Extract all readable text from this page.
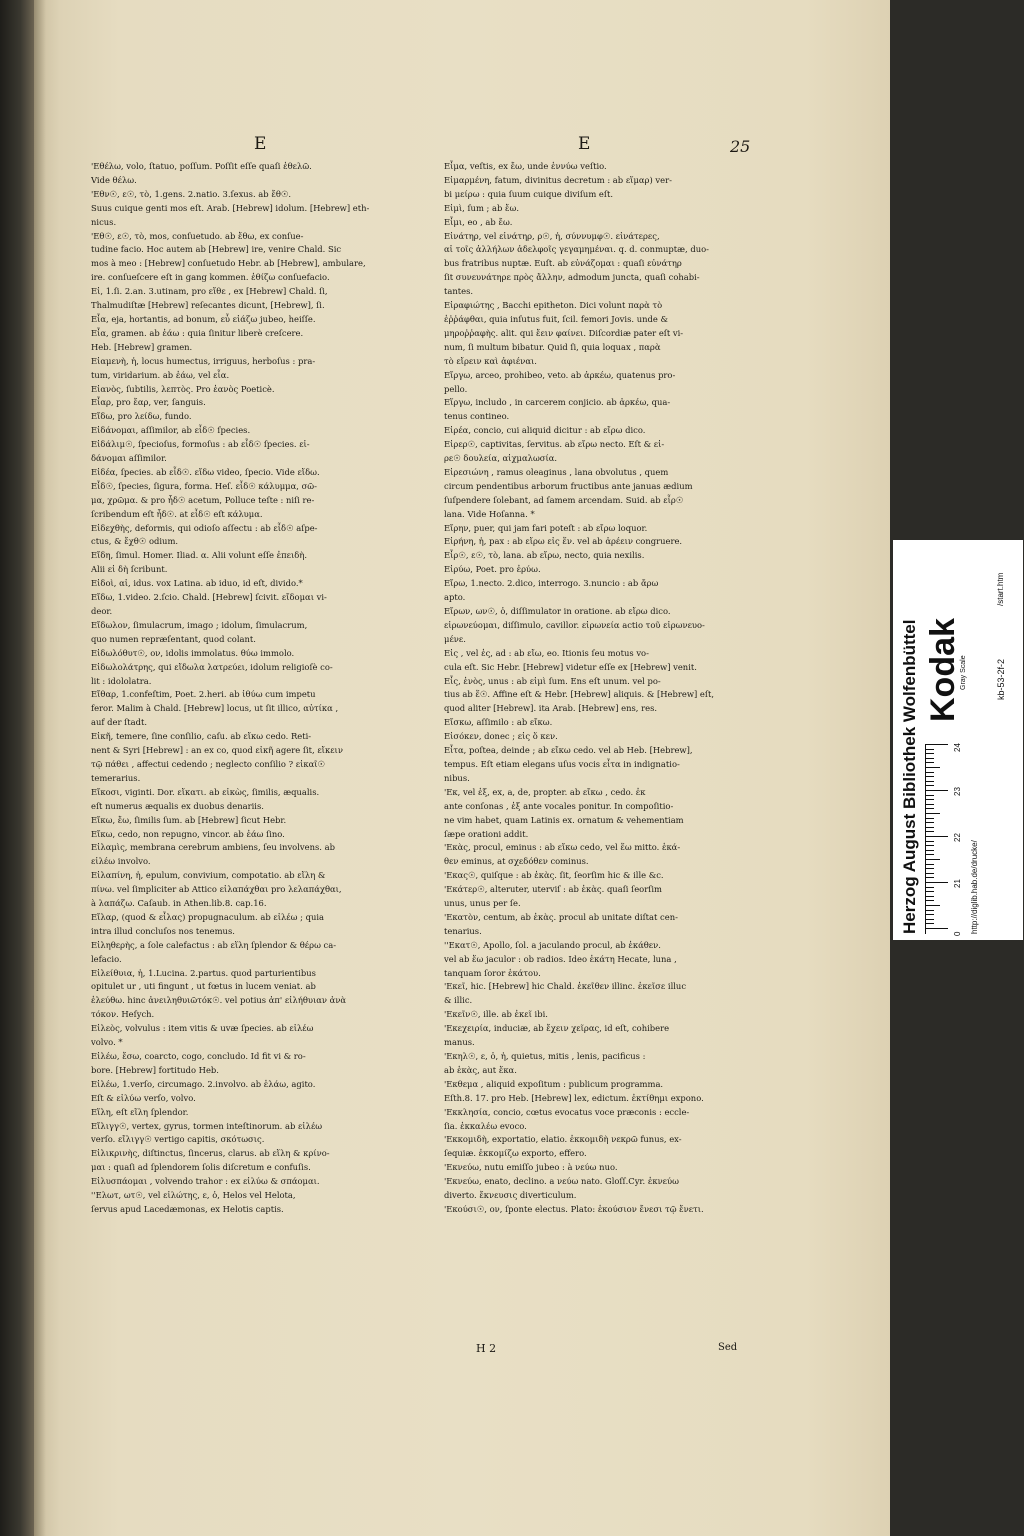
E	E	25

'Eθέλω, volo, ſtatuo, poſſum. Poſſit eſſe quaſi ἐθελῶ.

Vide θέλω.

'Eθν☉, ε☉, τὸ, 1.gens. 2.natio. 3.ſexus. ab ἔθ☉.

Suus cuique genti mos eſt. Arab. [Hebrew] idolum. [Hebrew] eth-

nicus.

'Eθ☉, ε☉, τὸ, mos, conſuetudo. ab ἔθω, ex conſue-

tudine facio. Hoc autem ab [Hebrew] ire, venire Chald. Sic

mos à meo : [Hebrew] conſuetudo Hebr. ab [Hebrew], ambulare,

ire. conſueſcere eſt in gang kommen. ἐθίζω conſuefacio.

Eἰ, 1.ſi. 2.an. 3.utinam, pro εἴθε , ex [Hebrew] Chald. ſi,

Thalmudiſtæ [Hebrew] reſecantes dicunt, [Hebrew], ſi.

Eἶα, eja, hortantis, ad bonum, εὖ εἰάζω jubeo, heiſſe.

Eἶα, gramen. ab ἐάω : quia ſinitur liberè creſcere.

Heb. [Hebrew] gramen.

Eἰαμενὴ, ἡ, locus humectus, irriguus, herboſus : pra-

tum, viridarium. ab ἐάω, vel εἶα.

Eἰανὸς, ſubtilis, λεπτὸς. Pro ἑανὸς Poeticè.

Eἶαρ, pro ἔαρ, ver, ſanguis.

Eἴδω, pro λείδω, fundo.

Eἰδάνομαι, aſſimilor, ab εἶδ☉ ſpecies.

Eἰδάλιμ☉, ſpecioſus, formoſus : ab εἶδ☉ ſpecies. εἰ-

δάνομαι aſſimilor.

Eἰδέα, ſpecies. ab εἶδ☉. εἴδω video, ſpecio. Vide εἴδω.

Eἶδ☉, ſpecies, ſigura, forma. Heſ. εἶδ☉ κάλυμμα, σῶ-

μα, χρῶμα. & pro ἦδ☉ acetum, Polluce teſte : niſi re-

ſcribendum eſt ἦδ☉. at εἶδ☉ eſt κάλυμα.

Eἰδεχθὴς, deformis, qui odioſo aſſectu : ab εἶδ☉ aſpe-

ctus, & ἔχθ☉ odium.

Eἴδη, ſimul. Homer. Iliad. α. Alii volunt eſſe ἐπειδὴ.

Alii εἰ δὴ ſcribunt.

Eἰδοὶ, αἱ, idus. vox Latina. ab iduo, id eſt, divido.*

Eἴδω, 1.video. 2.ſcio. Chald. [Hebrew] ſcivit. εἴδομαι vi-

deor.

Eἴδωλον, ſimulacrum, imago ; idolum, ſimulacrum,

quo numen repræſentant, quod colant.

Eἰδωλόθυτ☉, ον, idolis immolatus. θύω immolo.

Eἰδωλολάτρης, qui εἴδωλα λατρεύει, idolum religioſè co-

lit : idololatra.

Eἴθαρ, 1.confeſtim, Poet. 2.heri. ab ἰθύω cum impetu

feror. Malim à Chald. [Hebrew] locus, ut ſit illico, αὐτίκα ,

auf der ſtadt.

Eἰκῆ, temere, ſine conſilio, caſu. ab εἴκω cedo. Reti-

nent & Syri [Hebrew] : an ex co, quod εἰκῆ agere ſit, εἴκειν

τῷ πάθει , affectui cedendo ; neglecto conſilio ? εἰκαῖ☉

temerarius.

Eἴκοσι, viginti. Dor. εἴκατι. ab εἰκὼς, ſimilis, æqualis.

eſt numerus æqualis ex duobus denariis.

Eἴκω, ἔω, ſimilis ſum. ab [Hebrew] ſicut Hebr.

Eἴκω, cedo, non repugno, vincor. ab ἐάω ſino.

Eἰλαμὶς, membrana cerebrum ambiens, ſeu involvens. ab

εἰλέω involvo.

Eἰλαπίνη, ἡ, epulum, convivium, compotatio. ab εἴλη &

πίνω. vel ſimpliciter ab Attico εἰλαπάχθαι pro λελαπάχθαι,

à λαπάζω. Caſaub. in Athen.lib.8. cap.16.

Eἴλαρ, (quod & εἶλας) propugnaculum. ab εἰλέω ; quia

intra illud concluſos nos tenemus.

Eἰληθερὴς, a ſole calefactus : ab εἵλη ſplendor & θέρω ca-

lefacio.

Eἰλείθυια, ἡ, 1.Lucina. 2.partus. quod parturientibus

opitulet ur , uti fingunt , ut fœtus in lucem veniat. ab

ἐλεύθω. hinc ἀνειληθυιῶτόκ☉. vel potius ἀπ' εἰλήθυιαν ἀνὰ

τόκον. Heſych.

Eἰλεὸς, volvulus : item vitis & uvæ ſpecies. ab εἰλέω

volvo. *

Eἰλέω, ἔσω, coarcto, cogo, concludo. Id fit vi & ro-

bore. [Hebrew] fortitudo Heb.

Eἰλέω, 1.verſo, circumago. 2.involvo. ab ἑλάω, agito.

Eſt & εἰλύω verſo, volvo.

Eἵλη, eſt εἵλη ſplendor.

Eἴλιγγ☉, vertex, gyrus, tormen inteſtinorum. ab εἰλέω

verſo. εἴλιγγ☉ vertigo capitis, σκότωσις.

Eἰλικρινὴς, diſtinctus, ſincerus, clarus. ab εἵλη & κρίνο-

μαι : quaſi ad ſplendorem ſolis diſcretum e confuſis.

Eἰλυσπάομαι , volvendo trahor : ex εἰλύω & σπάομαι.

''Eλωτ, ωτ☉, vel εἰλώτης, ε, ὁ, Helos vel Helota,

ſervus apud Lacedæmonas, ex Helotis captis.

Eἶμα, veſtis, ex ἔω, unde ἐννύω veſtio.

Eἱμαρμένη, fatum, divinitus decretum : ab εἵμαρ) ver-

bi μείρω : quia ſuum cuique diviſum eſt.

Eἰμὶ, ſum ; ab ἔω.

Eἶμι, eo , ab ἔω.

Eἰνάτηρ, vel εἰνάτηρ, ρ☉, ἡ, σύννυμφ☉. εἰνάτερες,

αἱ τοῖς ἀλλήλων ἀδελφοῖς γεγαμημέναι. q. d. conmuptæ, duo-

bus fratribus nuptæ. Euſt. ab εὐνάζομαι : quaſi εὐνάτηρ

ſit συνευνάτηρε πρὸς ἄλλην, admodum juncta, quaſi cohabi-

tantes.

Eἰραφιώτης , Bacchi epitheton. Dici volunt παρὰ τὸ

ἐῤῥάφθαι, quia inſutus fuit, ſcil. femori Jovis. unde &

μηροῤῥαφὴς. alit. qui ἔειν φαίνει. Diſcordiæ pater eſt vi-

num, ſi multum bibatur. Quid ſi, quia loquax , παρὰ

τὸ εἴρειν καὶ ἀφιέναι.

Eἴργω, arceo, prohibeo, veto. ab ἀρκέω, quatenus pro-

pello.

Eἵργω, includo , in carcerem conjicio. ab ἀρκέω, qua-

tenus contineo.

Eἰρέα, concio, cui aliquid dicitur : ab εἴρω dico.

Eἱρερ☉, captivitas, ſervitus. ab εἴρω necto. Eſt & εἰ-

ρε☉ δουλεία, αἰχμαλωσία.

Eἰρεσιώνη , ramus oleaginus , lana obvolutus , quem

circum pendentibus arborum fructibus ante januas ædium

ſuſpendere ſolebant, ad ſamem arcendam. Suid. ab εἶρ☉

lana. Vide Hoſanna. *

Eἴρην, puer, qui jam fari poteſt : ab εἴρω loquor.

Eἰρήνη, ἡ, pax : ab εἴρω εἰς ἕν. vel ab ἀρέειν congruere.

Eἶρ☉, ε☉, τὸ, lana. ab εἴρω, necto, quia nexilis.

Eἰρύω, Poet. pro ἐρύω.

Eἴρω, 1.necto. 2.dico, interrogo. 3.nuncio : ab ἄρω

apto.

Eἴρων, ων☉, ὁ, diſſimulator in oratione. ab εἴρω dico.

εἰρωνεύομαι, diſſimulo, cavillor. εἰρωνεία actio τοῦ εἰρωνευο-

μένε.

Eἰς , vel ἐς, ad : ab εἴω, eo. Itionis ſeu motus vo-

cula eſt. Sic Hebr. [Hebrew] videtur eſſe ex [Hebrew] venit.

Eἷς, ἑνὸς, unus : ab εἰμὶ ſum. Ens eſt unum. vel po-

tius ab ἕ☉. Affine eſt & Hebr. [Hebrew] aliquis. & [Hebrew] eſt,

quod aliter [Hebrew]. ita Arab. [Hebrew] ens, res.

Eἴσκω, aſſimilo : ab εἴκω.

Eἰσόκεν, donec ; εἰς ὅ κεν.

Eἶτα, poſtea, deinde ; ab εἴκω cedo. vel ab Heb. [Hebrew],

tempus. Eſt etiam elegans uſus vocis εἶτα in indignatio-

nibus.

'Eκ, vel ἐξ, ex, a, de, propter. ab εἴκω , cedo. ἐκ

ante conſonas , ἐξ ante vocales ponitur. In compoſitio-

ne vim habet, quam Latinis ex. ornatum & vehementiam

ſæpe orationi addit.

'Eκὰς, procul, eminus : ab εἴκω cedo, vel ἕω mitto. ἑκά-

θεν eminus, at σχεδόθεν cominus.

'Eκας☉, quiſque : ab ἑκὰς. ſit, ſeorſim hic & ille &c.

'Eκάτερ☉, alteruter, uterviſ : ab ἑκὰς. quaſi ſeorſim

unus, unus per ſe.

'Eκατὸν, centum, ab ἑκὰς. procul ab unitate diſtat cen-

tenarius.

''Eκατ☉, Apollo, ſol. a jaculando procul, ab ἑκάθεν.

vel ab ἕω jaculor : ob radios. Ideo ἑκάτη Hecate, luna ,

tanquam ſoror ἑκάτου.

'Eκεῖ, hic. [Hebrew] hic Chald. ἐκεῖθεν illinc. ἐκεῖσε illuc

& illic.

'Eκεῖν☉, ille. ab ἐκεῖ ibi.

'Eκεχειρία, induciæ, ab ἔχειν χεῖρας, id eſt, cohibere

manus.

'Eκηλ☉, ε, ὁ, ἡ, quietus, mitis , lenis, pacificus :

ab ἑκὰς, aut ἕκα.

'Eκθεμα , aliquid expoſitum : publicum programma.

Eſth.8. 17. pro Heb. [Hebrew] lex, edictum. ἐκτίθημι expono.

'Eκκλησία, concio, cœtus evocatus voce præconis : eccle-

ſia. ἐκκαλέω evoco.

'Eκκομιδὴ, exportatio, elatio. ἐκκομιδὴ νεκρῶ funus, ex-

ſequiæ. ἐκκομίζω exporto, effero.

'Eκνεύω, nutu emiſſo jubeo : à νεύω nuo.

'Eκνεύω, enato, declino. a νεύω nato. Gloſſ.Cyr. ἐκνεύω

diverto. ἔκνευσις diverticulum.

'Eκούσι☉, ον, ſponte electus. Plato: ἑκούσιον ἔνεσι τῷ ἔνετι.

H 2	Sed
Herzog August Bibliothek Wolfenbüttel Kodak
Gray Scale	kb-53-2f-2
http://diglib.hab.de/drucke/
/start.htm
0
21
22
23
24
